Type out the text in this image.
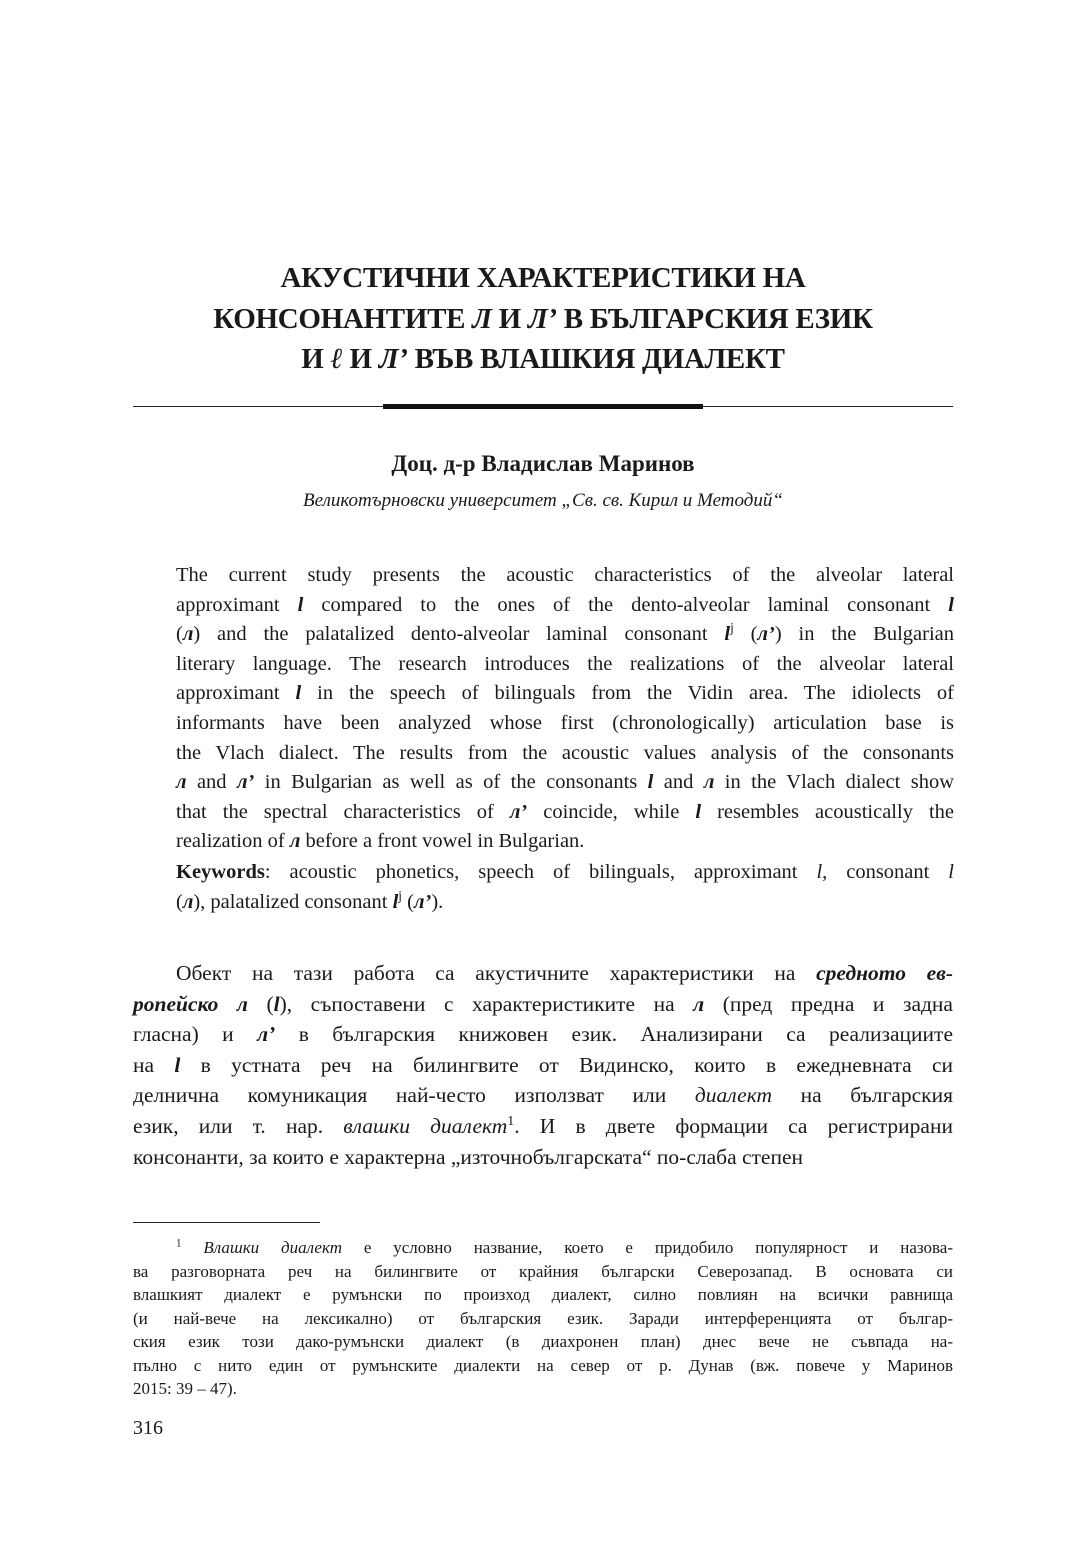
АКУСТИЧНИ ХАРАКТЕРИСТИКИ НА
КОНСОНАНТИТЕ Л И Л’ В БЪЛГАРСКИЯ ЕЗИК
И ℓ И Л’ ВЪВ ВЛАШКИЯ ДИАЛЕКТ
Доц. д-р Владислав Маринов
Великотърновски университет „Св. св. Кирил и Методий“
The current study presents the acoustic characteristics of the alveolar lateral
approximant l compared to the ones of the dento-alveolar laminal consonant l
(л) and the palatalized dento-alveolar laminal consonant $l^j$ (л’) in the Bulgarian
literary language. The research introduces the realizations of the alveolar lateral
approximant l in the speech of bilinguals from the Vidin area. The idiolects of
informants have been analyzed whose first (chronologically) articulation base is
the Vlach dialect. The results from the acoustic values analysis of the consonants
л and л’ in Bulgarian as well as of the consonants l and л in the Vlach dialect show
that the spectral characteristics of л’ coincide, while l resembles acoustically the
realization of л before a front vowel in Bulgarian.
Keywords: acoustic phonetics, speech of bilinguals, approximant l, consonant l
(л), palatalized consonant $l^j$ (л’).
Обект на тази работа са акустичните характеристики на средното ев-
ропейско л (l), съпоставени с характеристиките на л (пред предна и задна
гласна) и л’ в българския книжовен език. Анализирани са реализациите
на l в устната реч на билингвите от Видинско, които в ежедневната си
делнична комуникация най-често използват или диалект на българския
език, или т. нар. влашки диалект$^1$. И в двете формации са регистрирани
консонанти, за които е характерна „източнобългарската“ по-слаба степен
$^1$ Влашки диалект е условно название, което е придобило популярност и назова-
ва разговорната реч на билингвите от крайния български Северозапад. В основата си
влашкият диалект е румънски по произход диалект, силно повлиян на всички равнища
(и най-вече на лексикално) от българския език. Заради интерференцията от българ-
ския език този дако-румънски диалект (в диахронен план) днес вече не съвпада на-
пълно с нито един от румънските диалекти на север от р. Дунав (вж. повече у Маринов
2015: 39 – 47).
316
